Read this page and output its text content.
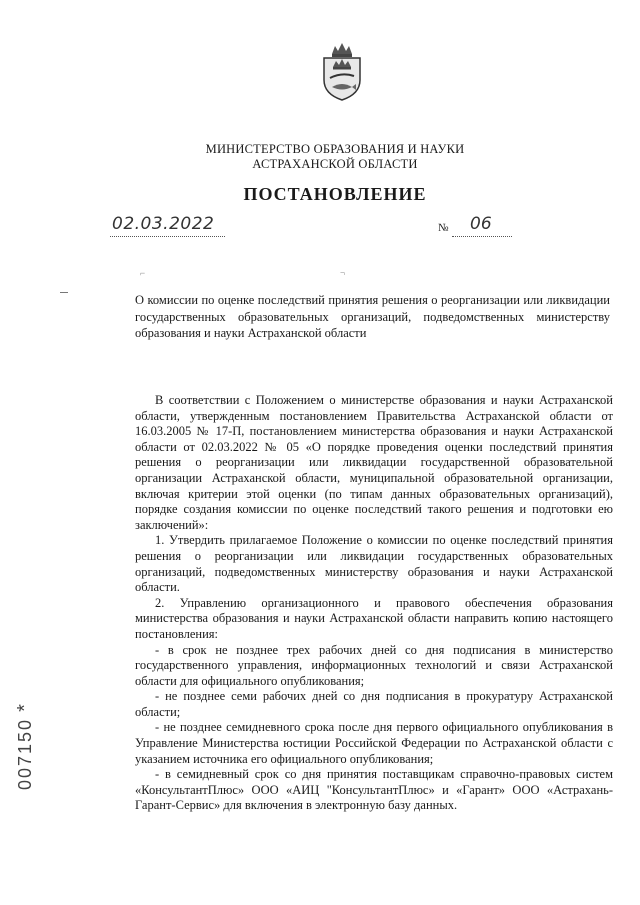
МИНИСТЕРСТВО ОБРАЗОВАНИЯ И НАУКИ
АСТРАХАНСКОЙ ОБЛАСТИ
ПОСТАНОВЛЕНИЕ
02.03.2022	№ 06
⌐	¬
О комиссии по оценке последствий принятия решения о реорганизации или ликвидации государственных образовательных организаций, подведомственных министерству образования и науки Астраханской области

В соответствии с Положением о министерстве образования и науки Астраханской области, утвержденным постановлением Правительства Астраханской области от 16.03.2005 № 17-П, постановлением министерства образования и науки Астраханской области от 02.03.2022 № 05 «О порядке проведения оценки последствий принятия решения о реорганизации или ликвидации государственной образовательной организации Астраханской области, муниципальной образовательной организации, включая критерии этой оценки (по типам данных образовательных организаций), порядке создания комиссии по оценке последствий такого решения и подготовки ею заключений»:

1. Утвердить прилагаемое Положение о комиссии по оценке последствий принятия решения о реорганизации или ликвидации государственных образовательных организаций, подведомственных министерству образования и науки Астраханской области.

2. Управлению организационного и правового обеспечения образования министерства образования и науки Астраханской области направить копию настоящего постановления:

- в срок не позднее трех рабочих дней со дня подписания в министерство государственного управления, информационных технологий и связи Астраханской области для официального опубликования;

- не позднее семи рабочих дней со дня подписания в прокуратуру Астраханской области;

- не позднее семидневного срока после дня первого официального опубликования в Управление Министерства юстиции Российской Федерации по Астраханской области с указанием источника его официального опубликования;

- в семидневный срок со дня принятия поставщикам справочно-правовых систем «КонсультантПлюс» ООО «АИЦ "КонсультантПлюс» и «Гарант» ООО «Астрахань-Гарант-Сервис» для включения в электронную базу данных.

007150*
